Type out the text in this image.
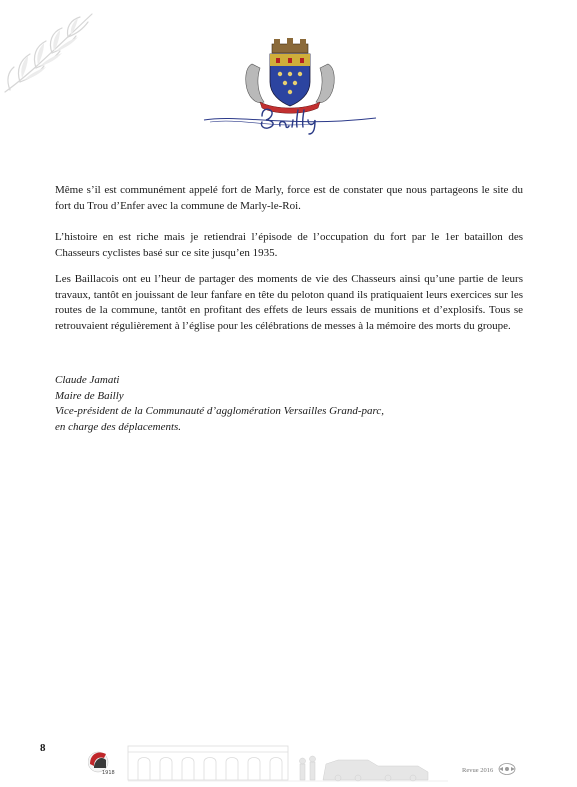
Même s’il est communément appelé fort de Marly, force est de constater que nous partageons le site du fort du Trou d’Enfer avec la commune de Marly-le-Roi.
L’histoire en est riche mais je retiendrai l’épisode de l’occupation du fort par le 1er bataillon des Chasseurs cyclistes basé sur ce site jusqu’en 1935.
Les Baillacois ont eu l’heur de partager des moments de vie des Chasseurs ainsi qu’une partie de leurs travaux, tantôt en jouissant de leur fanfare en tête du peloton quand ils pratiquaient leurs exercices sur les routes de la commune, tantôt en profitant des effets de leurs essais de munitions et d’explosifs. Tous se retrouvaient régulièrement à l’église pour les célébrations de messes à la mémoire des morts du groupe.
Claude Jamati
Maire de Bailly
Vice-président de la Communauté d’agglomération Versailles Grand-parc,
en charge des déplacements.
8
1918	Revue 2016
